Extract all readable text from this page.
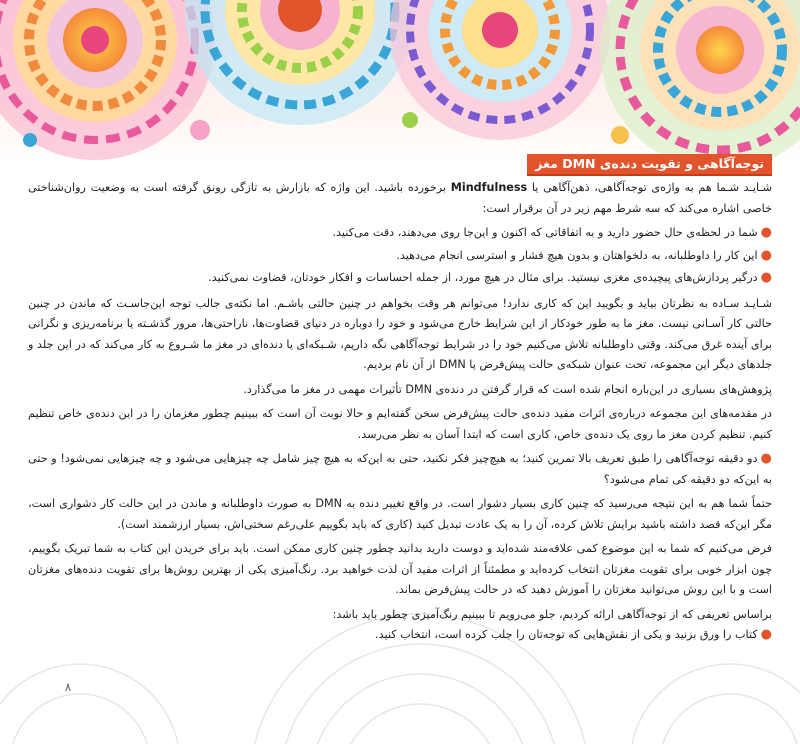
توجه‌آگاهی و تقویت دنده‌ی DMN مغز

شـایـد شـما هم به واژه‌ی توجه‌آگاهی، ذهن‌آگاهی یا Mindfulness برخورده باشید. این واژه که بازارش به تازگی رونق گرفته است به وضعیت روان‌شناختی خاصی اشاره می‌کند که سه شرط مهم زیر در آن برقرار است:

●شما در لحظه‌ی حال حضور دارید و به اتفاقاتی که اکنون و این‌جا روی می‌دهند، دقت می‌کنید.
●این کار را داوطلبانه، به دلخواهتان و بدون هیچ فشار و استرسی انجام می‌دهید.
●درگیر پردازش‌های پیچیده‌ی مغزی نیستید. برای مثال در هیچ مورد، از جمله احساسات و افکار خودتان، قضاوت نمی‌کنید.

شـایـد سـاده به نظرتان بیاید و بگویید این که کاری ندارد! می‌توانم هر وقت بخواهم در چنین حالتی باشـم. اما نکته‌ی جالب توجه این‌جاسـت که ماندن در چنین حالتی کار آسـانی نیست. مغز ما به طور خودکار از این شرایط خارج می‌شود و خود را دوباره در دنیای قضاوت‌ها، ناراحتی‌ها، مرور گذشـته یا برنامه‌ریزی و نگرانی برای آینده غرق می‌کند. وقتی داوطلبانه تلاش می‌کنیم خود را در شرایط توجه‌آگاهی نگه داریم، شـبکه‌ای یا دنده‌ای در مغز ما شـروع به کار می‌کند که در این جلد و جلدهای دیگر این مجموعه، تحت عنوان شبکه‌ی حالت پیش‌فرض یا DMN از آن نام بردیم.

پژوهش‌های بسیاری در این‌باره انجام شده است که قرار گرفتن در دنده‌ی DMN تأثیرات مهمی در مغز ما می‌گذارد.

در مقدمه‌های این مجموعه درباره‌ی اثرات مفید دنده‌ی حالت پیش‌فرض سخن گفته‌ایم و حالا نوبت آن است که ببینیم چطور مغزمان را در این دنده‌ی خاص تنظیم کنیم. تنظیم کردن مغز ما روی یک دنده‌ی خاص، کاری است که ابتدا آسان به نظر می‌رسد.

●دو دقیقه توجه‌آگاهی را طبق تعریف بالا تمرین کنید؛ به هیچ‌چیز فکر نکنید، حتی به این‌که به هیچ چیز شامل چه چیزهایی می‌شود و چه چیزهایی نمی‌شود! و حتی به این‌که دو دقیقه کی تمام می‌شود؟

حتماً شما هم به این نتیجه می‌رسید که چنین کاری بسیار دشوار است. در واقع تغییر دنده به DMN به صورت داوطلبانه و ماندن در این حالت کار دشواری است، مگر این‌که قصد داشته باشید برایش تلاش کرده، آن را به یک عادت تبدیل کنید (کاری که باید بگوییم علی‌رغم سختی‌اش، بسیار ارزشمند است).

فرض می‌کنیم که شما به این موضوع کمی علاقه‌مند شده‌اید و دوست دارید بدانید چطور چنین کاری ممکن است. باید برای خریدن این کتاب به شما تبریک بگوییم، چون ابزار خوبی برای تقویت مغزتان انتخاب کرده‌اید و مطمئناً از اثرات مفید آن لذت خواهید برد. رنگ‌آمیزی یکی از بهترین روش‌ها برای تقویت دنده‌های مغزتان است و با این روش می‌توانید مغزتان را آموزش دهید که در حالت پیش‌فرض بماند.

براساس تعریفی که از توجه‌آگاهی ارائه کردیم، جلو می‌رویم تا ببینیم رنگ‌آمیزی چطور باید باشد:

●کتاب را ورق بزنید و یکی از نقش‌هایی که توجه‌تان را جلب کرده است، انتخاب کنید.
۸
